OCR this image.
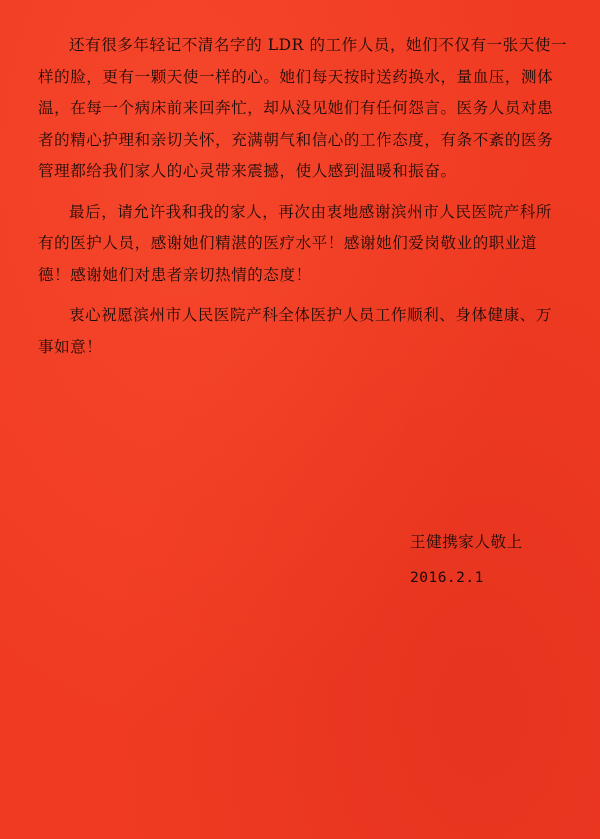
还有很多年轻记不清名字的 LDR 的工作人员，她们不仅有一张天使一样的脸，更有一颗天使一样的心。她们每天按时送药换水，量血压，测体温，在每一个病床前来回奔忙，却从没见她们有任何怨言。医务人员对患者的精心护理和亲切关怀，充满朝气和信心的工作态度，有条不紊的医务管理都给我们家人的心灵带来震撼，使人感到温暖和振奋。

最后，请允许我和我的家人，再次由衷地感谢滨州市人民医院产科所有的医护人员，感谢她们精湛的医疗水平！感谢她们爱岗敬业的职业道德！感谢她们对患者亲切热情的态度！

衷心祝愿滨州市人民医院产科全体医护人员工作顺利、身体健康、万事如意！

王健携家人敬上

2016.2.1
